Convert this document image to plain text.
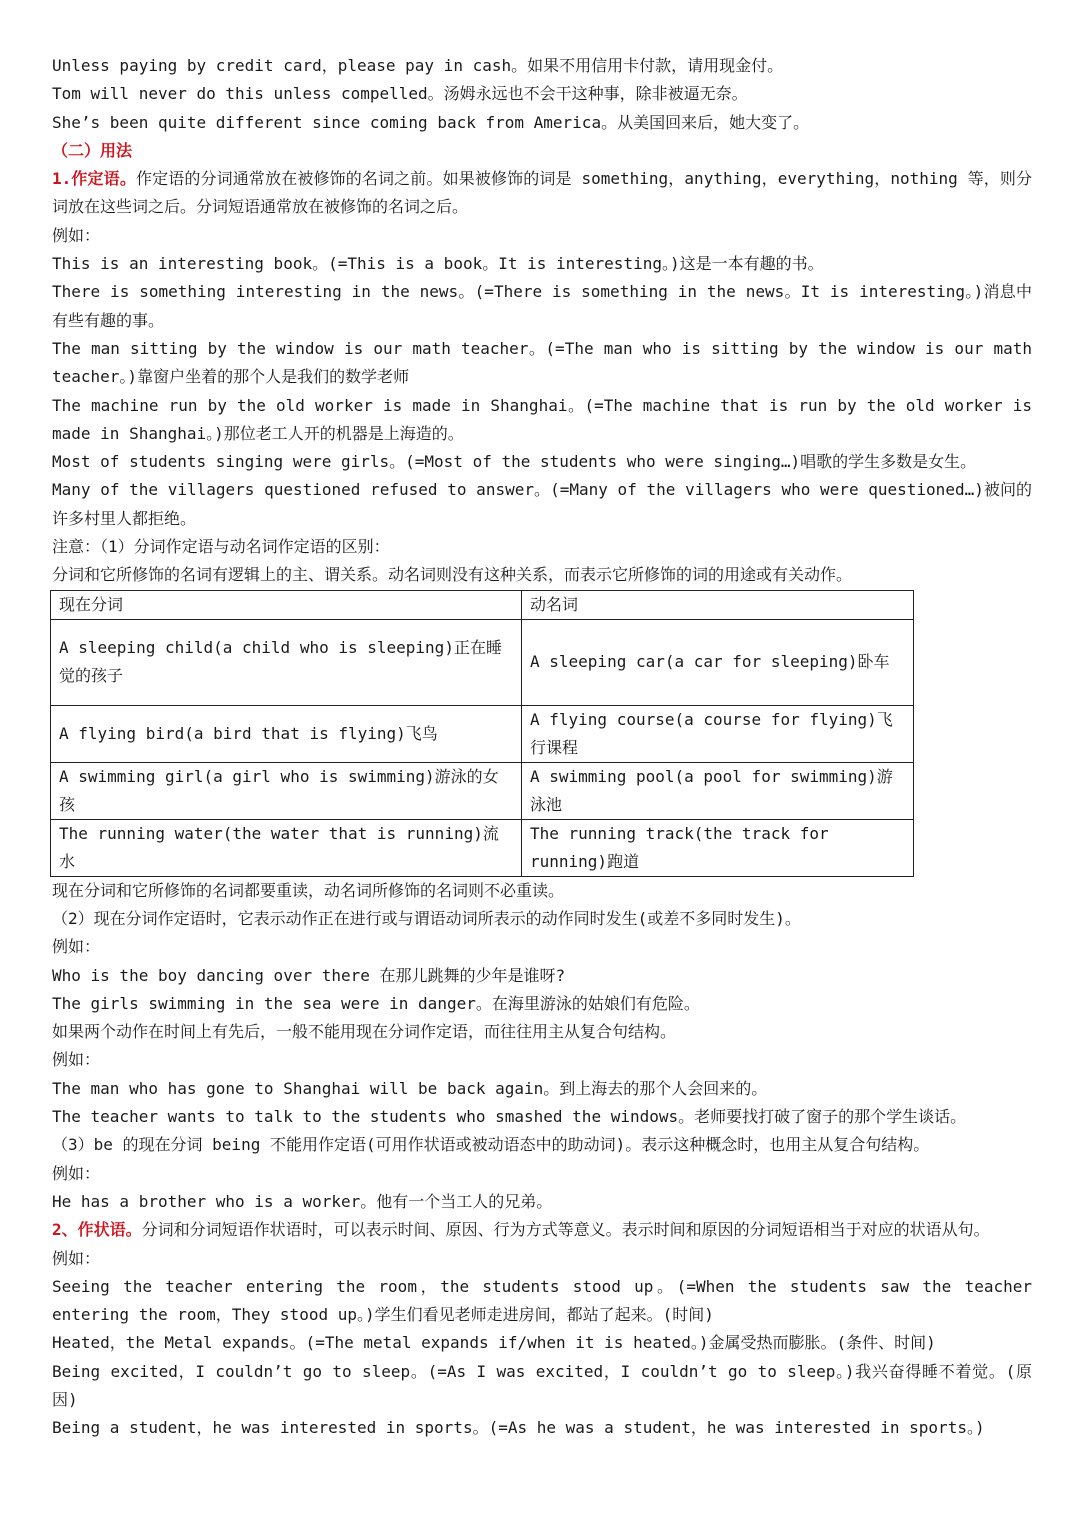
Unless paying by credit card，please pay in cash。如果不用信用卡付款，请用现金付。
Tom will never do this unless compelled。汤姆永远也不会干这种事，除非被逼无奈。
She’s been quite different since coming back from America。从美国回来后，她大变了。
（二）用法
1.作定语。作定语的分词通常放在被修饰的名词之前。如果被修饰的词是 something，anything，everything，nothing 等，则分词放在这些词之后。分词短语通常放在被修饰的名词之后。
例如：
This is an interesting book。(=This is a book。It is interesting。)这是一本有趣的书。
There is something interesting in the news。(=There is something in the news。It is interesting。)消息中有些有趣的事。
The man sitting by the window is our math teacher。(=The man who is sitting by the window is our math teacher。)靠窗户坐着的那个人是我们的数学老师
The machine run by the old worker is made in Shanghai。(=The machine that is run by the old worker is made in Shanghai。)那位老工人开的机器是上海造的。
Most of students singing were girls。(=Most of the students who were singing…)唱歌的学生多数是女生。
Many of the villagers questioned refused to answer。(=Many of the villagers who were questioned…)被问的许多村里人都拒绝。
注意：（1）分词作定语与动名词作定语的区别：
分词和它所修饰的名词有逻辑上的主、谓关系。动名词则没有这种关系，而表示它所修饰的词的用途或有关动作。
现在分词	动名词
A sleeping child(a child who is sleeping)正在睡觉的孩子	A sleeping car(a car for sleeping)卧车
A flying bird(a bird that is flying)飞鸟	A flying course(a course for flying)飞行课程
A swimming girl(a girl who is swimming)游泳的女孩	A swimming pool(a pool for swimming)游泳池
The running water(the water that is running)流水	The running track(the track for running)跑道
现在分词和它所修饰的名词都要重读，动名词所修饰的名词则不必重读。
（2）现在分词作定语时，它表示动作正在进行或与谓语动词所表示的动作同时发生(或差不多同时发生)。
例如：
Who is the boy dancing over there 在那儿跳舞的少年是谁呀?
The girls swimming in the sea were in danger。在海里游泳的姑娘们有危险。
如果两个动作在时间上有先后，一般不能用现在分词作定语，而往往用主从复合句结构。
例如：
The man who has gone to Shanghai will be back again。到上海去的那个人会回来的。
The teacher wants to talk to the students who smashed the windows。老师要找打破了窗子的那个学生谈话。
（3）be 的现在分词 being 不能用作定语(可用作状语或被动语态中的助动词)。表示这种概念时，也用主从复合句结构。
例如：
He has a brother who is a worker。他有一个当工人的兄弟。
2、作状语。分词和分词短语作状语时，可以表示时间、原因、行为方式等意义。表示时间和原因的分词短语相当于对应的状语从句。
例如：
Seeing the teacher entering the room，the students stood up。(=When the students saw the teacher entering the room，They stood up。)学生们看见老师走进房间，都站了起来。(时间)
Heated，the Metal expands。(=The metal expands if/when it is heated。)金属受热而膨胀。(条件、时间)
Being excited，I couldn’t go to sleep。(=As I was excited，I couldn’t go to sleep。)我兴奋得睡不着觉。(原因)
Being a student，he was interested in sports。(=As he was a student，he was interested in sports。)
